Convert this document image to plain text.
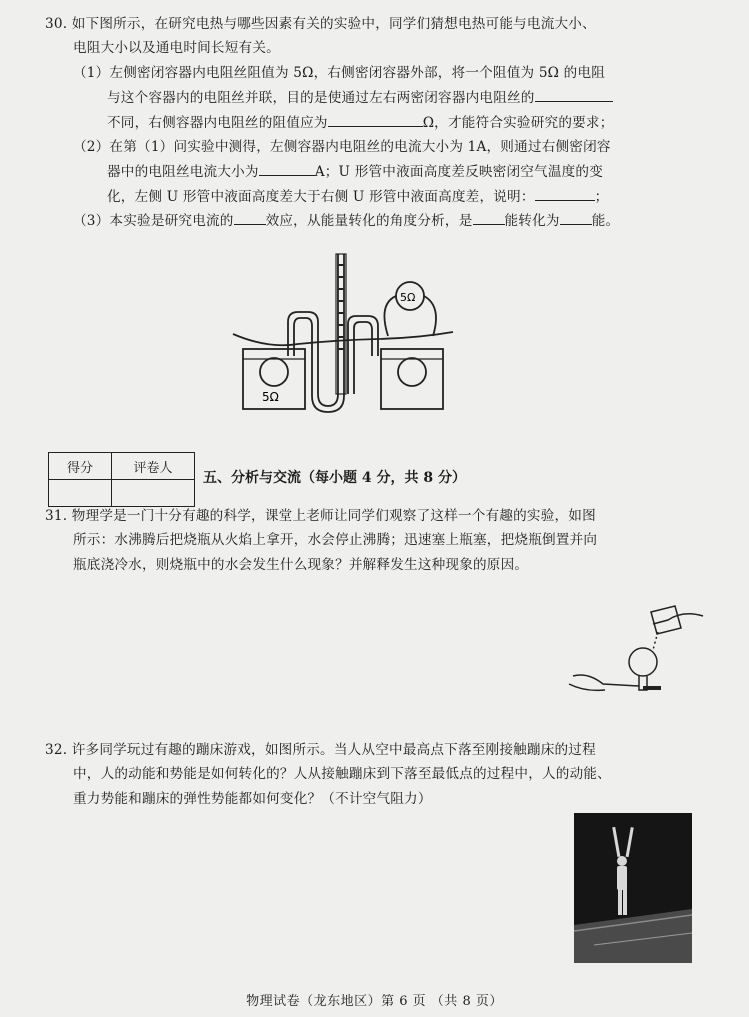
30. 如下图所示，在研究电热与哪些因素有关的实验中，同学们猜想电热可能与电流大小、
电阻大小以及通电时间长短有关。
（1）左侧密闭容器内电阻丝阻值为 5Ω，右侧密闭容器外部，将一个阻值为 5Ω 的电阻
与这个容器内的电阻丝并联，目的是使通过左右两密闭容器内电阻丝的
不同，右侧容器内电阻丝的阻值应为	Ω，才能符合实验研究的要求；
（2）在第（1）问实验中测得，左侧容器内电阻丝的电流大小为 1A，则通过右侧密闭容
器中的电阻丝电流大小为	A；U 形管中液面高度差反映密闭空气温度的变
化，左侧 U 形管中液面高度差大于右侧 U 形管中液面高度差，说明：	；
（3）本实验是研究电流的 效应，从能量转化的角度分析，是 能转化为 能。
5Ω
5Ω
得分	评卷人

五、分析与交流（每小题 4 分，共 8 分）
31. 物理学是一门十分有趣的科学，课堂上老师让同学们观察了这样一个有趣的实验，如图
所示：水沸腾后把烧瓶从火焰上拿开，水会停止沸腾；迅速塞上瓶塞，把烧瓶倒置并向
瓶底浇冷水，则烧瓶中的水会发生什么现象？并解释发生这种现象的原因。
32. 许多同学玩过有趣的蹦床游戏，如图所示。当人从空中最高点下落至刚接触蹦床的过程
中，人的动能和势能是如何转化的？人从接触蹦床到下落至最低点的过程中，人的动能、
重力势能和蹦床的弹性势能都如何变化？（不计空气阻力）
物理试卷（龙东地区）第 6 页 （共 8 页）
